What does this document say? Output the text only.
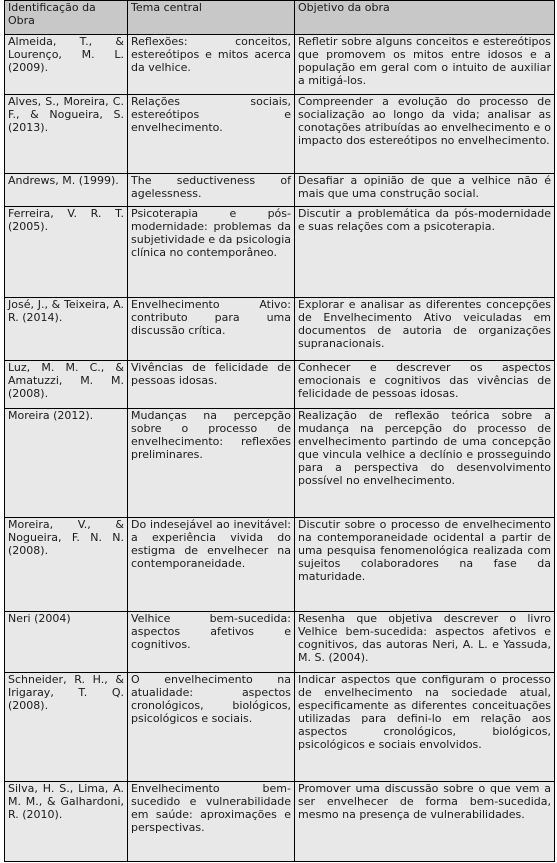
Identificação da Obra	Tema central	Objetivo da obra
Almeida, T., & Lourenço, M. L. (2009).	Reflexões: conceitos, estereótipos e mitos acerca da velhice.	Refletir sobre alguns conceitos e estereótipos que promovem os mitos entre idosos e a população em geral com o intuito de auxiliar a mitigá-los.
Alves, S., Moreira, C. F., & Nogueira, S. (2013).	Relações sociais, estereótipos e envelhecimento.	Compreender a evolução do processo de socialização ao longo da vida; analisar as conotações atribuídas ao envelhecimento e o impacto dos estereótipos no envelhecimento.
Andrews, M. (1999).	The seductiveness of agelessness.	Desafiar a opinião de que a velhice não é mais que uma construção social.
Ferreira, V. R. T. (2005).	Psicoterapia e pós-modernidade: problemas da subjetividade e da psicologia clínica no contemporâneo.	Discutir a problemática da pós-modernidade e suas relações com a psicoterapia.
José, J., & Teixeira, A. R. (2014).	Envelhecimento Ativo: contributo para uma discussão crítica.	Explorar e analisar as diferentes concepções de Envelhecimento Ativo veiculadas em documentos de autoria de organizações supranacionais.
Luz, M. M. C., & Amatuzzi, M. M. (2008).	Vivências de felicidade de pessoas idosas.	Conhecer e descrever os aspectos emocionais e cognitivos das vivências de felicidade de pessoas idosas.
Moreira (2012).	Mudanças na percepção sobre o processo de envelhecimento: reflexões preliminares.	Realização de reflexão teórica sobre a mudança na percepção do processo de envelhecimento partindo de uma concepção que vincula velhice a declínio e prosseguindo para a perspectiva do desenvolvimento possível no envelhecimento.
Moreira, V., & Nogueira, F. N. N. (2008).	Do indesejável ao inevitável: a experiência vivida do estigma de envelhecer na contemporaneidade.	Discutir sobre o processo de envelhecimento na contemporaneidade ocidental a partir de uma pesquisa fenomenológica realizada com sujeitos colaboradores na fase da maturidade.
Neri (2004)	Velhice bem-sucedida: aspectos afetivos e cognitivos.	Resenha que objetiva descrever o livro Velhice bem-sucedida: aspectos afetivos e cognitivos, das autoras Neri, A. L. e Yassuda, M. S. (2004).
Schneider, R. H., & Irigaray, T. Q. (2008).	O envelhecimento na atualidade: aspectos cronológicos, biológicos, psicológicos e sociais.	Indicar aspectos que configuram o processo de envelhecimento na sociedade atual, especificamente as diferentes conceituações utilizadas para defini-lo em relação aos aspectos cronológicos, biológicos, psicológicos e sociais envolvidos.
Silva, H. S., Lima, A. M. M., & Galhardoni, R. (2010).	Envelhecimento bem-sucedido e vulnerabilidade em saúde: aproximações e perspectivas.	Promover uma discussão sobre o que vem a ser envelhecer de forma bem-sucedida, mesmo na presença de vulnerabilidades.
